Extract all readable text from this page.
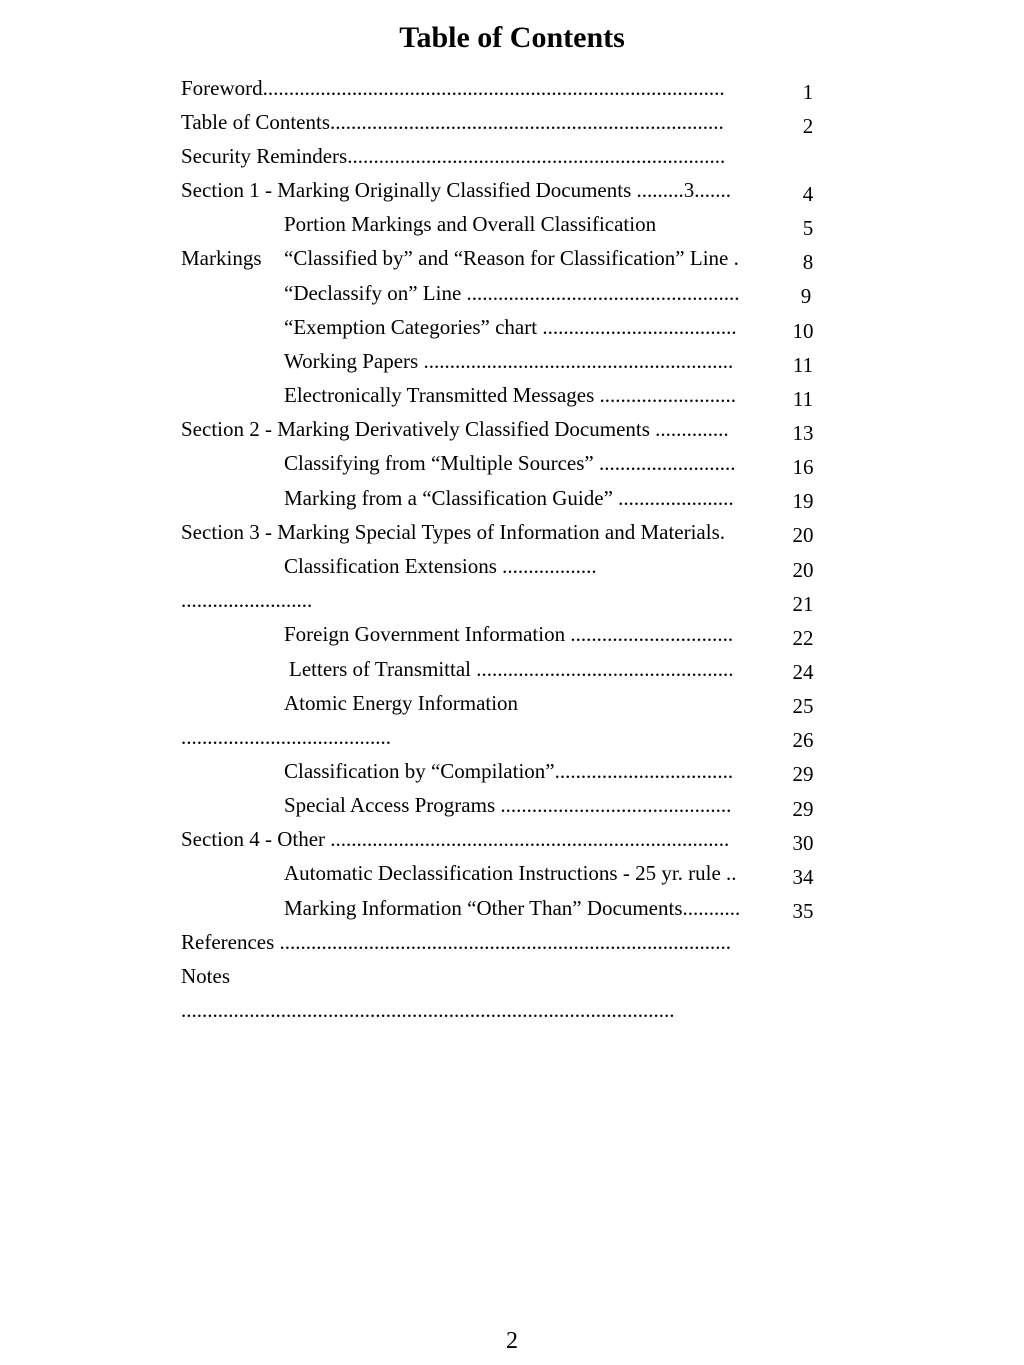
Table of Contents
Foreword........................................................................................
Table of Contents...........................................................................
Security Reminders........................................................................
Section 1 - Marking Originally Classified Documents .........3.......
Portion Markings and Overall Classification
Markings “Classified by” and “Reason for Classification” Line .
“Declassify on” Line ....................................................
“Exemption Categories” chart .....................................
Working Papers ...........................................................
Electronically Transmitted Messages ..........................
Section 2 - Marking Derivatively Classified Documents ..............
Classifying from “Multiple Sources” ..........................
Marking from a “Classification Guide” ......................
Section 3 - Marking Special Types of Information and Materials.
Classification Extensions ..................
.........................
Foreign Government Information ...............................
Letters of Transmittal .................................................
Atomic Energy Information
........................................
Classification by “Compilation”..................................
Special Access Programs ............................................
Section 4 - Other ............................................................................
Automatic Declassification Instructions - 25 yr. rule ..
Marking Information “Other Than” Documents...........
References ......................................................................................
Notes
..............................................................................................
1
2
4
5
8
9
10
11
11
13
16
19
20
20
21
22
24
25
26
29
29
30
34
35
2
